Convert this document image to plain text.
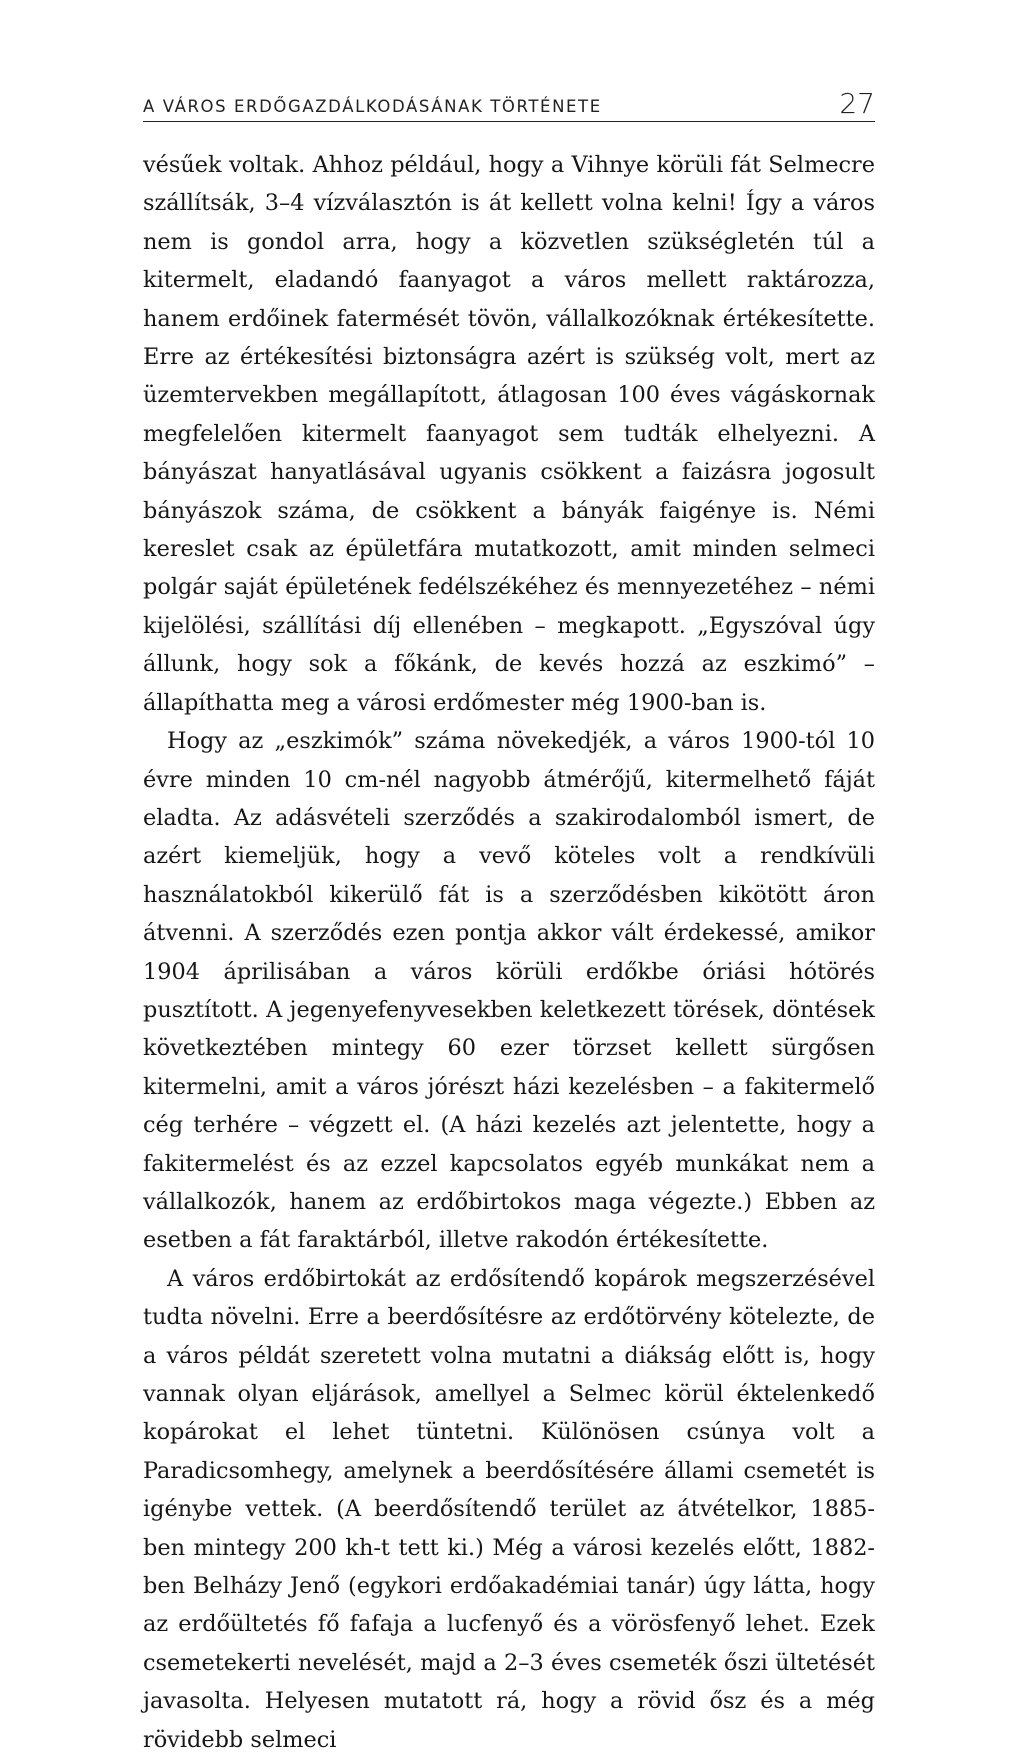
A VÁROS ERDŐGAZDÁLKODÁSÁNAK TÖRTÉNETE	27

vésűek voltak. Ahhoz például, hogy a Vihnye körüli fát Selmecre szállítsák, 3–4 vízválasztón is át kellett volna kelni! Így a város nem is gondol arra, hogy a közvetlen szükségletén túl a kitermelt, eladandó faanyagot a város mellett raktározza, hanem erdőinek fatermését tövön, vállalkozóknak értékesítette. Erre az értékesítési biztonságra azért is szükség volt, mert az üzemtervekben megállapított, átlagosan 100 éves vágáskornak megfelelően kitermelt faanyagot sem tudták elhelyezni. A bányászat hanyatlásával ugyanis csökkent a faizásra jogosult bányászok száma, de csökkent a bányák faigénye is. Némi kereslet csak az épületfára mutatkozott, amit minden selmeci polgár saját épületének fedélszékéhez és mennyezetéhez – némi kijelölési, szállítási díj ellenében – megkapott. „Egyszóval úgy állunk, hogy sok a főkánk, de kevés hozzá az eszkimó” – állapíthatta meg a városi erdőmester még 1900-ban is.

Hogy az „eszkimók” száma növekedjék, a város 1900-tól 10 évre minden 10 cm-nél nagyobb átmérőjű, kitermelhető fáját eladta. Az adásvételi szerződés a szakirodalomból ismert, de azért kiemeljük, hogy a vevő köteles volt a rendkívüli használatokból kikerülő fát is a szerződésben kikötött áron átvenni. A szerződés ezen pontja akkor vált érdekessé, amikor 1904 áprilisában a város körüli erdőkbe óriási hótörés pusztított. A jegenyefenyvesekben keletkezett törések, döntések következtében mintegy 60 ezer törzset kellett sürgősen kitermelni, amit a város jórészt házi kezelésben – a fakitermelő cég terhére – végzett el. (A házi kezelés azt jelentette, hogy a fakitermelést és az ezzel kapcsolatos egyéb munkákat nem a vállalkozók, hanem az erdőbirtokos maga végezte.) Ebben az esetben a fát faraktárból, illetve rakodón értékesítette.

A város erdőbirtokát az erdősítendő kopárok megszerzésével tudta növelni. Erre a beerdősítésre az erdőtörvény kötelezte, de a város példát szeretett volna mutatni a diákság előtt is, hogy vannak olyan eljárások, amellyel a Selmec körül éktelenkedő kopárokat el lehet tüntetni. Különösen csúnya volt a Paradicsomhegy, amelynek a beerdősítésére állami csemetét is igénybe vettek. (A beerdősítendő terület az átvételkor, 1885-ben mintegy 200 kh-t tett ki.) Még a városi kezelés előtt, 1882-ben Belházy Jenő (egykori erdőakadémiai tanár) úgy látta, hogy az erdőültetés fő fafaja a lucfenyő és a vörösfenyő lehet. Ezek csemetekerti nevelését, majd a 2–3 éves csemeték őszi ültetését javasolta. Helyesen mutatott rá, hogy a rövid ősz és a még rövidebb selmeci
